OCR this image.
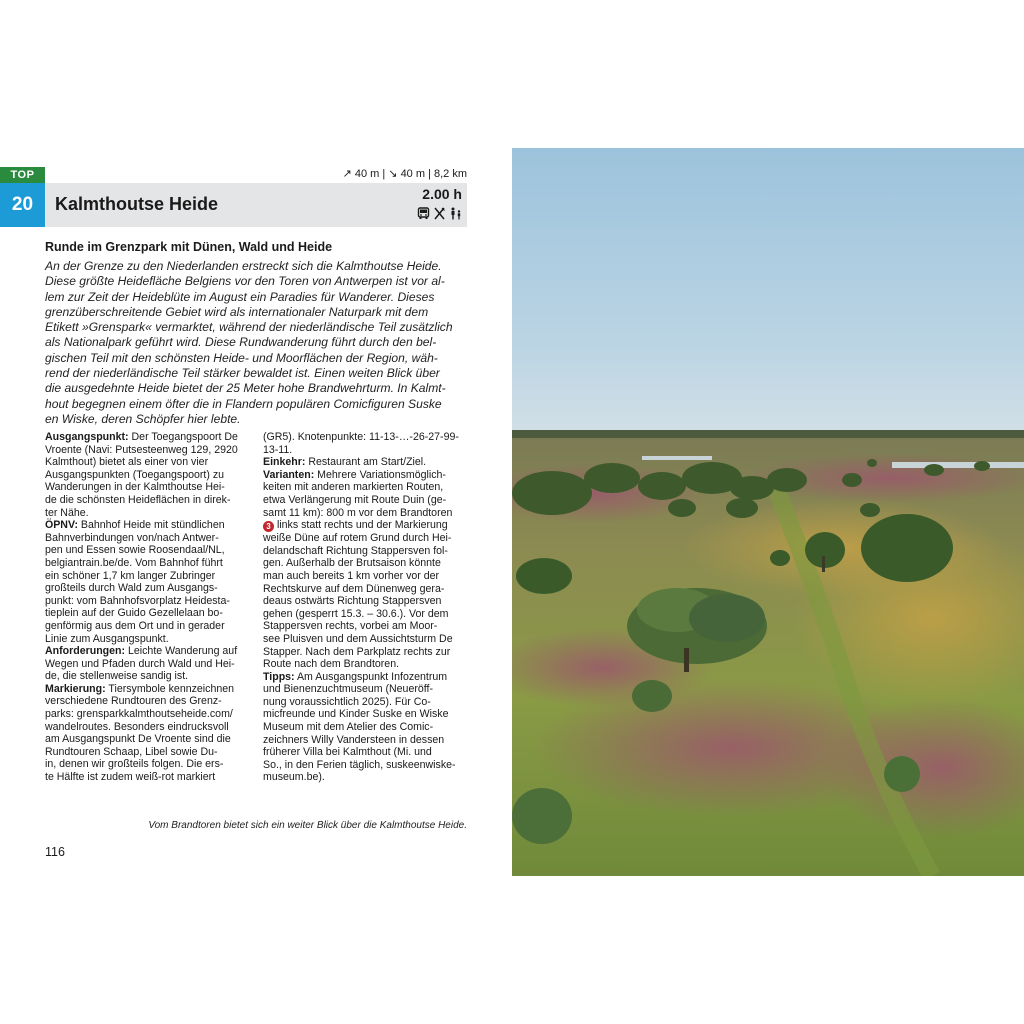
TOP
20
↗ 40 m | ↘ 40 m | 8,2 km
Kalmthoutse Heide	2.00 h
Runde im Grenzpark mit Dünen, Wald und Heide
An der Grenze zu den Niederlanden erstreckt sich die Kalmthoutse Heide.
Diese größte Heidefläche Belgiens vor den Toren von Antwerpen ist vor al-
lem zur Zeit der Heideblüte im August ein Paradies für Wanderer. Dieses
grenzüberschreitende Gebiet wird als internationaler Naturpark mit dem
Etikett »Grenspark« vermarktet, während der niederländische Teil zusätzlich
als Nationalpark geführt wird. Diese Rundwanderung führt durch den bel-
gischen Teil mit den schönsten Heide- und Moorflächen der Region, wäh-
rend der niederländische Teil stärker bewaldet ist. Einen weiten Blick über
die ausgedehnte Heide bietet der 25 Meter hohe Brandwehrturm. In Kalmt-
hout begegnen einem öfter die in Flandern populären Comicfiguren Suske
en Wiske, deren Schöpfer hier lebte.
Ausgangspunkt: Der Toegangspoort De
Vroente (Navi: Putsesteenweg 129, 2920
Kalmthout) bietet als einer von vier
Ausgangspunkten (Toegangspoort) zu
Wanderungen in der Kalmthoutse Hei-
de die schönsten Heideflächen in direk-
ter Nähe.
ÖPNV: Bahnhof Heide mit stündlichen
Bahnverbindungen von/nach Antwer-
pen und Essen sowie Roosendaal/NL,
belgiantrain.be/de. Vom Bahnhof führt
ein schöner 1,7 km langer Zubringer
großteils durch Wald zum Ausgangs-
punkt: vom Bahnhofsvorplatz Heidesta-
tieplein auf der Guido Gezellelaan bo-
genförmig aus dem Ort und in gerader
Linie zum Ausgangspunkt.
Anforderungen: Leichte Wanderung auf
Wegen und Pfaden durch Wald und Hei-
de, die stellenweise sandig ist.
Markierung: Tiersymbole kennzeichnen
verschiedene Rundtouren des Grenz-
parks: grensparkkalmthoutseheide.com/
wandelroutes. Besonders eindrucksvoll
am Ausgangspunkt De Vroente sind die
Rundtouren Schaap, Libel sowie Du-
in, denen wir großteils folgen. Die ers-
te Hälfte ist zudem weiß-rot markiert
(GR5). Knotenpunkte: 11-13-…-26-27-99-
13-11.
Einkehr: Restaurant am Start/Ziel.
Varianten: Mehrere Variationsmöglich-
keiten mit anderen markierten Routen,
etwa Verlängerung mit Route Duin (ge-
samt 11 km): 800 m vor dem Brandtoren
3 links statt rechts und der Markierung
weiße Düne auf rotem Grund durch Hei-
delandschaft Richtung Stappersven fol-
gen. Außerhalb der Brutsaison könnte
man auch bereits 1 km vorher vor der
Rechtskurve auf dem Dünenweg gera-
deaus ostwärts Richtung Stappersven
gehen (gesperrt 15.3. – 30.6.). Vor dem
Stappersven rechts, vorbei am Moor-
see Pluisven und dem Aussichtsturm De
Stapper. Nach dem Parkplatz rechts zur
Route nach dem Brandtoren.
Tipps: Am Ausgangspunkt Infozentrum
und Bienenzuchtmuseum (Neueröff-
nung voraussichtlich 2025). Für Co-
micfreunde und Kinder Suske en Wiske
Museum mit dem Atelier des Comic-
zeichners Willy Vandersteen in dessen
früherer Villa bei Kalmthout (Mi. und
So., in den Ferien täglich, suskeenwiske-
museum.be).
Vom Brandtoren bietet sich ein weiter Blick über die Kalmthoutse Heide.
116
